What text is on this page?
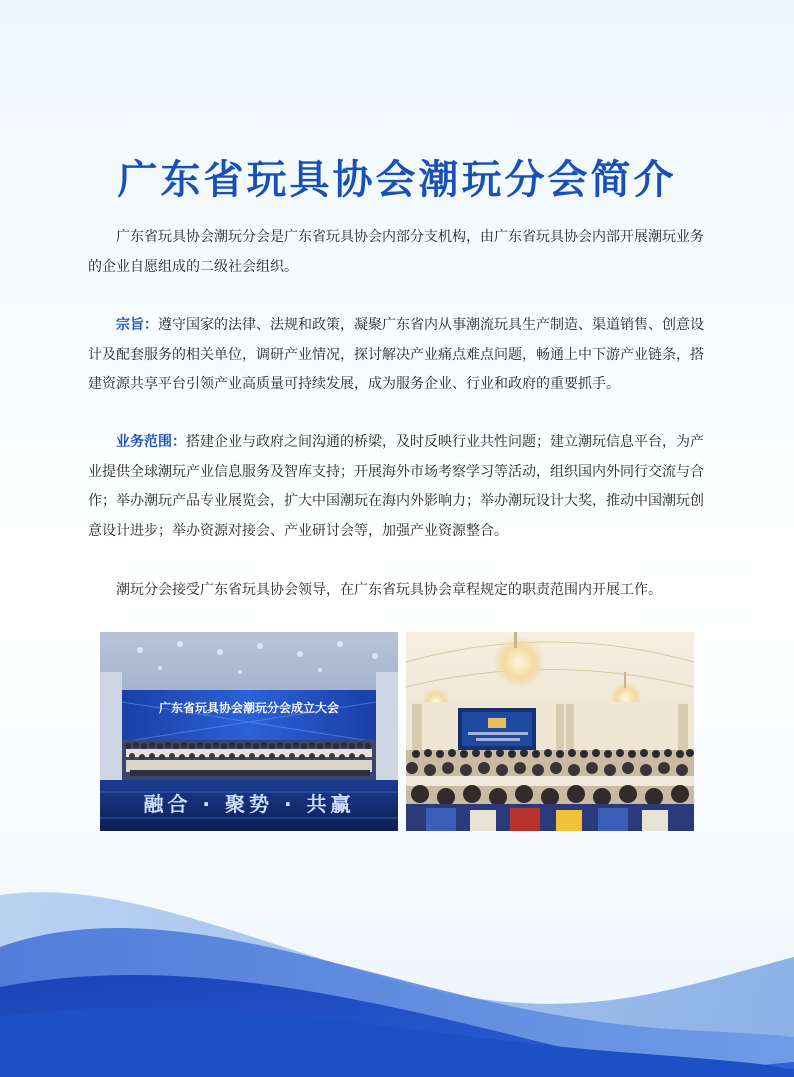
广东省玩具协会潮玩分会简介

广东省玩具协会潮玩分会是广东省玩具协会内部分支机构，由广东省玩具协会内部开展潮玩业务的企业自愿组成的二级社会组织。

宗旨：遵守国家的法律、法规和政策，凝聚广东省内从事潮流玩具生产制造、渠道销售、创意设计及配套服务的相关单位，调研产业情况，探讨解决产业痛点难点问题，畅通上中下游产业链条，搭建资源共享平台引领产业高质量可持续发展，成为服务企业、行业和政府的重要抓手。

业务范围：搭建企业与政府之间沟通的桥梁，及时反映行业共性问题；建立潮玩信息平台，为产业提供全球潮玩产业信息服务及智库支持；开展海外市场考察学习等活动，组织国内外同行交流与合作；举办潮玩产品专业展览会，扩大中国潮玩在海内外影响力；举办潮玩设计大奖，推动中国潮玩创意设计进步；举办资源对接会、产业研讨会等，加强产业资源整合。

潮玩分会接受广东省玩具协会领导，在广东省玩具协会章程规定的职责范围内开展工作。

广东省玩具协会潮玩分会成立大会
融合 · 聚势 · 共赢
